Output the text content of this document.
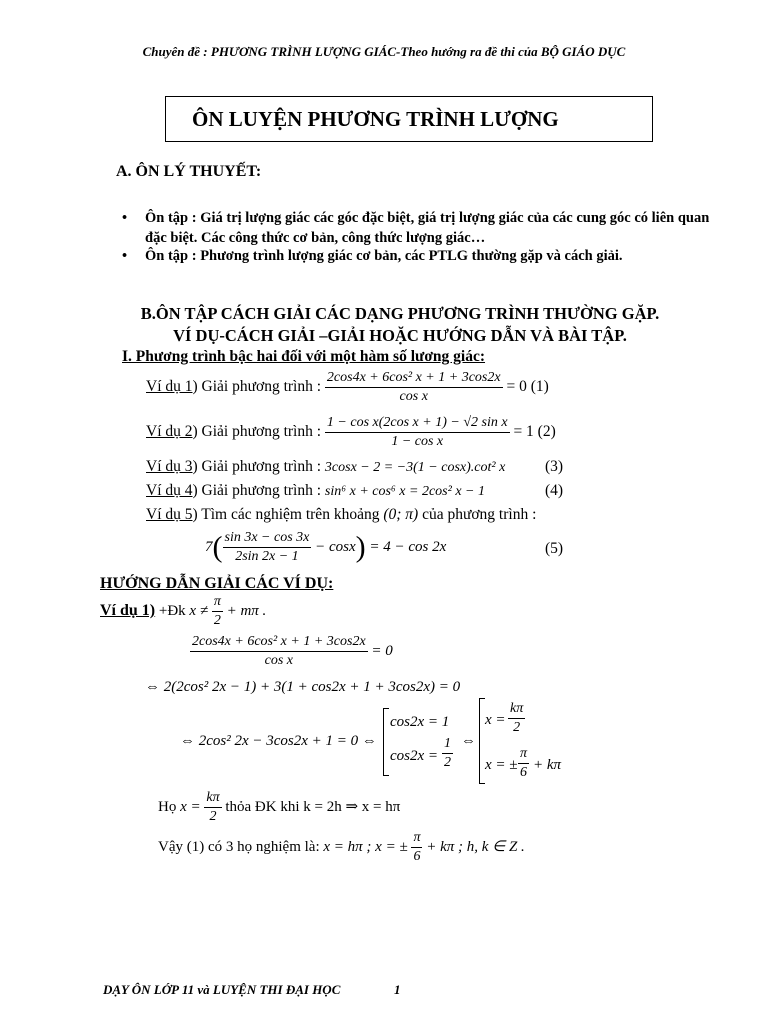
Chuyên đề : PHƯƠNG TRÌNH LƯỢNG GIÁC-Theo hướng ra đề thi của BỘ GIÁO DỤC
ÔN LUYỆN PHƯƠNG TRÌNH LƯỢNG
A. ÔN LÝ THUYẾT:
• Ôn tập : Giá trị lượng giác các góc đặc biệt, giá trị lượng giác của các cung góc có liên quan đặc biệt. Các công thức cơ bản, công thức lượng giác…
• Ôn tập : Phương trình lượng giác cơ bản, các PTLG thường gặp và cách giải.
B.ÔN TẬP CÁCH GIẢI CÁC DẠNG PHƯƠNG TRÌNH THƯỜNG GẶP.
VÍ DỤ-CÁCH GIẢI –GIẢI HOẶC HƯỚNG DẪN VÀ BÀI TẬP.
I. Phương trình bậc hai đối với một hàm số lương giác:
Ví dụ 1) Giải phương trình : $\frac{\text{2cos4x + 6cos² x + 1 + 3cos2x}}{\text{cos x}} = 0$ (1)
Ví dụ 2) Giải phương trình : $\frac{\text{1 − cos x(2cos x + 1) − √2 sin x}}{\text{1 − cos x}} = 1$ (2)
Ví dụ 3) Giải phương trình : 3cosx − 2 = −3(1 − cosx).cot² x	(3)
Ví dụ 4) Giải phương trình : sin⁶ x + cos⁶ x = 2cos² x − 1	(4)
Ví dụ 5) Tìm các nghiệm trên khoảng (0; π) của phương trình :
$7( \frac{\sin 3x - \cos 3x}{2\sin 2x - 1} - \cos x) = 4 - \cos 2x$	(5)
HƯỚNG DẪN GIẢI CÁC VÍ DỤ:
Ví dụ 1) +Đk $x \ne \frac{\pi}{2} + m\pi$ .
$\frac{\text{2cos4x + 6cos² x + 1 + 3cos2x}}{\text{cos x}} = 0$
⇔ 2(2cos² 2x − 1) + 3(1 + cos2x + 1 + 3cos2x) = 0
⇔ 2cos² 2x − 3cos2x + 1 = 0 ⇔
cos2x = 1
$\cos 2x = \frac{1}{2}$ ⇔
$x = \frac{k\pi}{2}$
x = ± $\frac{\pi}{6} + k\pi$
Họ $x = \frac{k\pi}{2}$ thỏa ĐK khi k = 2h ⇒ x = hπ
Vậy (1) có 3 họ nghiệm là: x = hπ ; x = ± $\frac{\pi}{6} + k\pi$ ; h, k ∈ Z .
DẠY ÔN LỚP 11 và LUYỆN THI ĐẠI HỌC	1
